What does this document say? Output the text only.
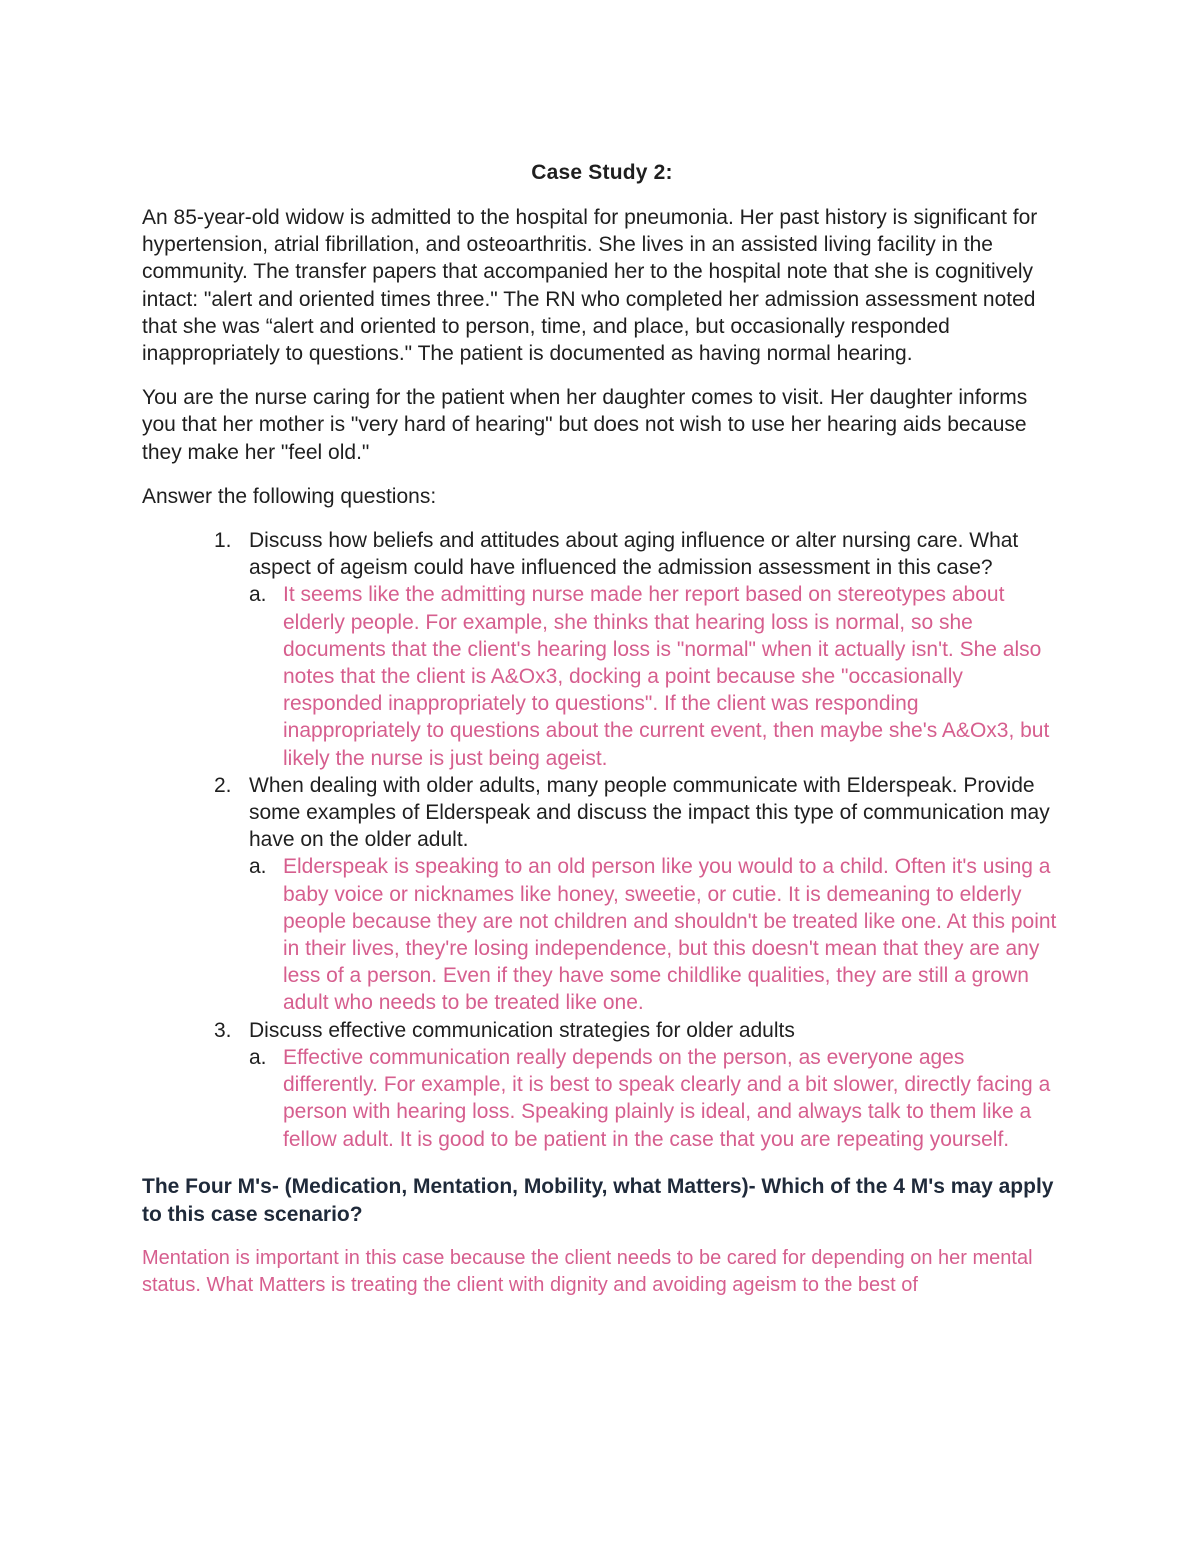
Case Study 2:

An 85-year-old widow is admitted to the hospital for pneumonia. Her past history is significant for hypertension, atrial fibrillation, and osteoarthritis. She lives in an assisted living facility in the community. The transfer papers that accompanied her to the hospital note that she is cognitively intact: "alert and oriented times three." The RN who completed her admission assessment noted that she was “alert and oriented to person, time, and place, but occasionally responded inappropriately to questions." The patient is documented as having normal hearing.

You are the nurse caring for the patient when her daughter comes to visit. Her daughter informs you that her mother is "very hard of hearing" but does not wish to use her hearing aids because they make her "feel old."

Answer the following questions:

1. Discuss how beliefs and attitudes about aging influence or alter nursing care. What aspect of ageism could have influenced the admission assessment in this case?
a. It seems like the admitting nurse made her report based on stereotypes about elderly people. For example, she thinks that hearing loss is normal, so she documents that the client's hearing loss is "normal" when it actually isn't. She also notes that the client is A&Ox3, docking a point because she "occasionally responded inappropriately to questions". If the client was responding inappropriately to questions about the current event, then maybe she's A&Ox3, but likely the nurse is just being ageist.
2. When dealing with older adults, many people communicate with Elderspeak. Provide some examples of Elderspeak and discuss the impact this type of communication may have on the older adult.
a. Elderspeak is speaking to an old person like you would to a child. Often it's using a baby voice or nicknames like honey, sweetie, or cutie. It is demeaning to elderly people because they are not children and shouldn't be treated like one. At this point in their lives, they're losing independence, but this doesn't mean that they are any less of a person. Even if they have some childlike qualities, they are still a grown adult who needs to be treated like one.
3. Discuss effective communication strategies for older adults
a. Effective communication really depends on the person, as everyone ages differently. For example, it is best to speak clearly and a bit slower, directly facing a person with hearing loss. Speaking plainly is ideal, and always talk to them like a fellow adult. It is good to be patient in the case that you are repeating yourself.
The Four M's- (Medication, Mentation, Mobility, what Matters)- Which of the 4 M's may apply to this case scenario?

Mentation is important in this case because the client needs to be cared for depending on her mental status. What Matters is treating the client with dignity and avoiding ageism to the best of
